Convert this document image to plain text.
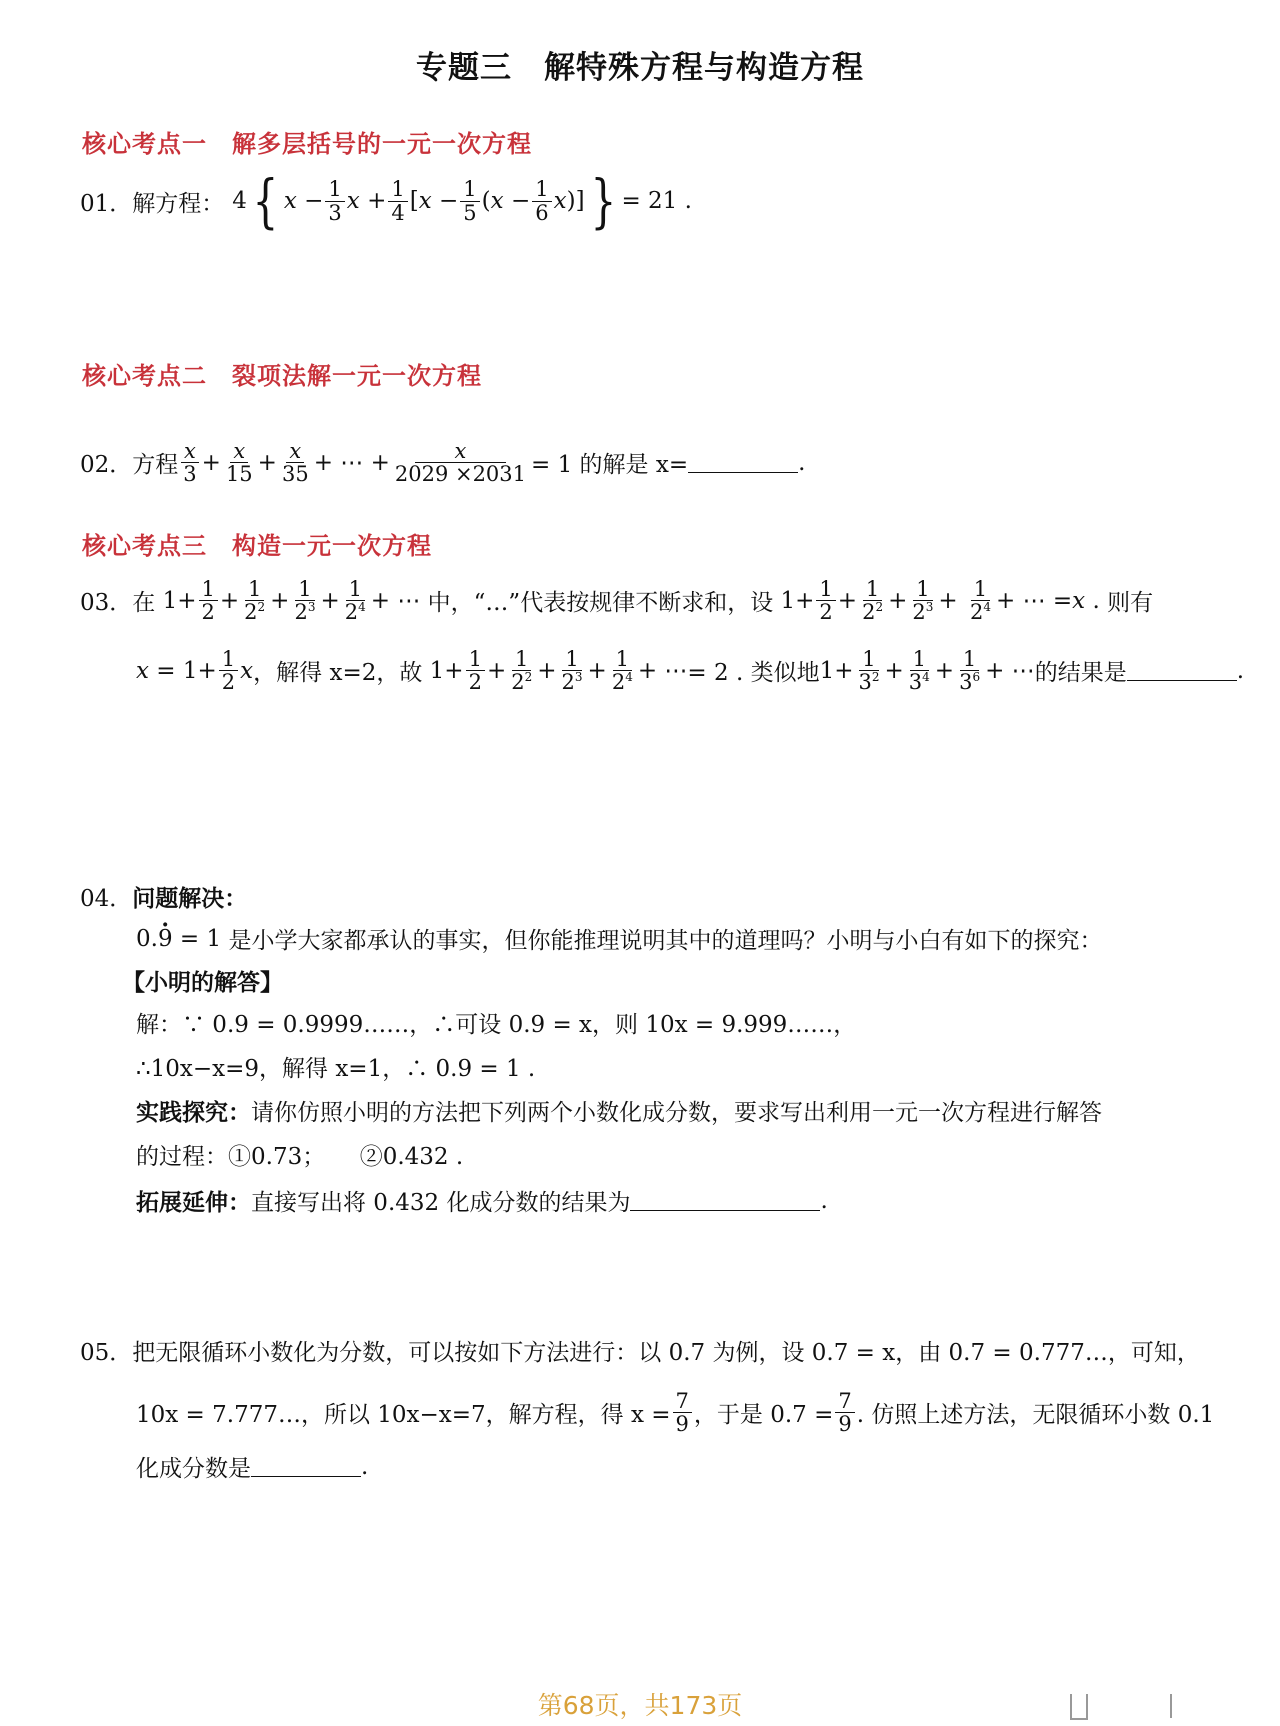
专题三　解特殊方程与构造方程
核心考点一　解多层括号的一元一次方程
01． 解方程： 4 { $x - \frac{1}{3}$ $x + \frac{1}{4}$ [ $x - \frac{1}{5}$ ( $x - \frac{1}{6}$ x )] } = 21 .
核心考点二　裂项法解一元一次方程
02． 方程 $\frac{x}{3} + \frac{x}{15} + \frac{x}{35}$ + ⋯ + $\frac{x}{2029 \times 2031} = 1$ 的解是 x=	.
核心考点三　构造一元一次方程
03． 在 $1+ \frac{1}{2} + \frac{1}{2^2} + \frac{1}{2^3} + \frac{1}{2^4}$ + ⋯ 中，“…”代表按规律不断求和，设 $1+ \frac{1}{2} + \frac{1}{2^2} + \frac{1}{2^3} + \frac{1}{2^4}$ + ⋯ = x . 则有
$x = 1+ \frac{1}{2}$ x ，解得 x=2，故 $1+ \frac{1}{2} + \frac{1}{2^2} + \frac{1}{2^3} + \frac{1}{2^4}$ + ⋯ = 2 . 类似地 $1+ \frac{1}{3^2} + \frac{1}{3^4} + \frac{1}{3^6}$ + ⋯ 的结果是	.
04． 问题解决：
0.
· 9 = 1 是小学大家都承认的事实，但你能推理说明其中的道理吗？小明与小白有如下的探究：
【小明的解答】
解：∵ 0.9 = 0.9999……，∴可设 0.9 = x，则 10x = 9.999……，
∴10x−x=9，解得 x=1，∴ 0.9 = 1 .
实践探究： 请你仿照小明的方法把下列两个小数化成分数，要求写出利用一元一次方程进行解答
的过程：①0.73；　　②0.432 .
拓展延伸： 直接写出将 0.432 化成分数的结果为	.
05． 把无限循环小数化为分数，可以按如下方法进行：以 0.7 为例，设 0.7 = x，由 0.7 = 0.777…，可知，
10x = 7.777…，所以 10x−x=7，解方程，得 $x = \frac{7}{9}$ ，于是 $0.7 = \frac{7}{9}$ . 仿照上述方法，无限循环小数 0.1
化成分数是	.
第68页，共173页
